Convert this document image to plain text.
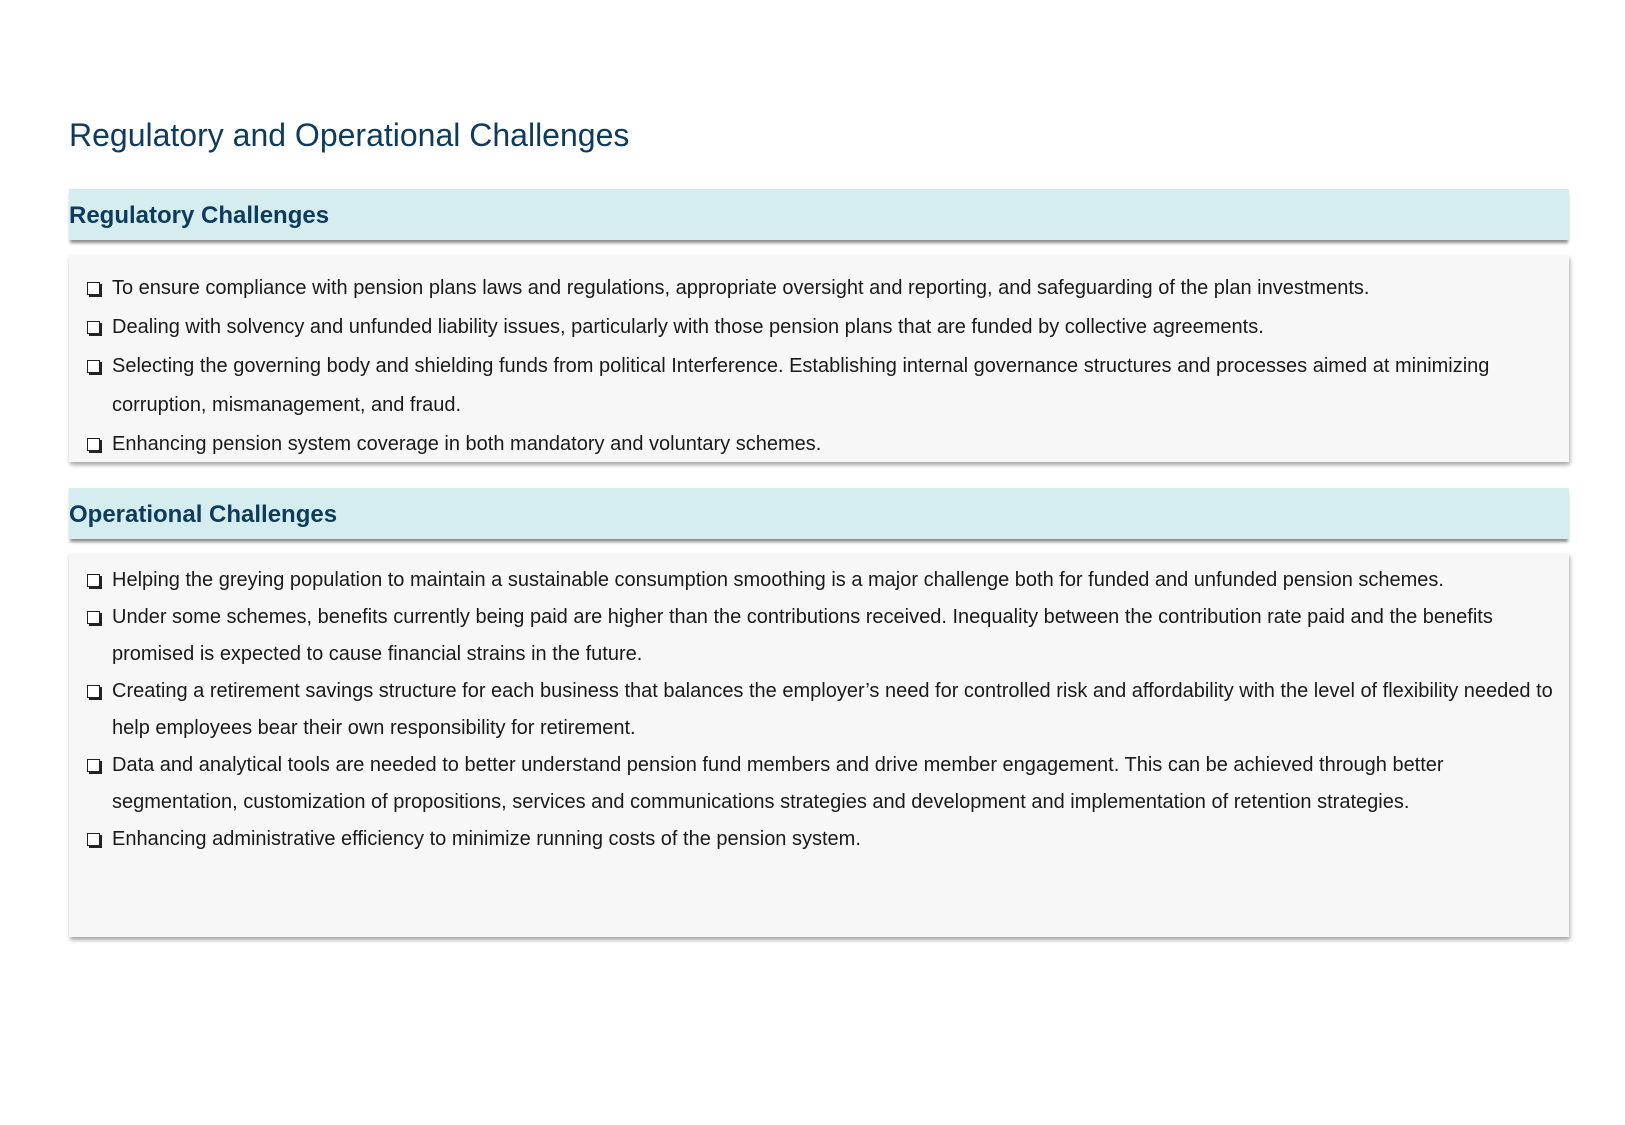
Regulatory and Operational Challenges
Regulatory Challenges
To ensure compliance with pension plans laws and regulations, appropriate oversight and reporting, and safeguarding of the plan investments.
Dealing with solvency and unfunded liability issues, particularly with those pension plans that are funded by collective agreements.
Selecting the governing body and shielding funds from political Interference. Establishing internal governance structures and processes aimed at minimizing corruption, mismanagement, and fraud.
Enhancing pension system coverage in both mandatory and voluntary schemes.
Operational Challenges
Helping the greying population to maintain a sustainable consumption smoothing is a major challenge both for funded and unfunded pension schemes.
Under some schemes, benefits currently being paid are higher than the contributions received. Inequality between the contribution rate paid and the benefits promised is expected to cause financial strains in the future.
Creating a retirement savings structure for each business that balances the employer’s need for controlled risk and affordability with the level of flexibility needed to help employees bear their own responsibility for retirement.
Data and analytical tools are needed to better understand pension fund members and drive member engagement. This can be achieved through better segmentation, customization of propositions, services and communications strategies and development and implementation of retention strategies.
Enhancing administrative efficiency to minimize running costs of the pension system.
